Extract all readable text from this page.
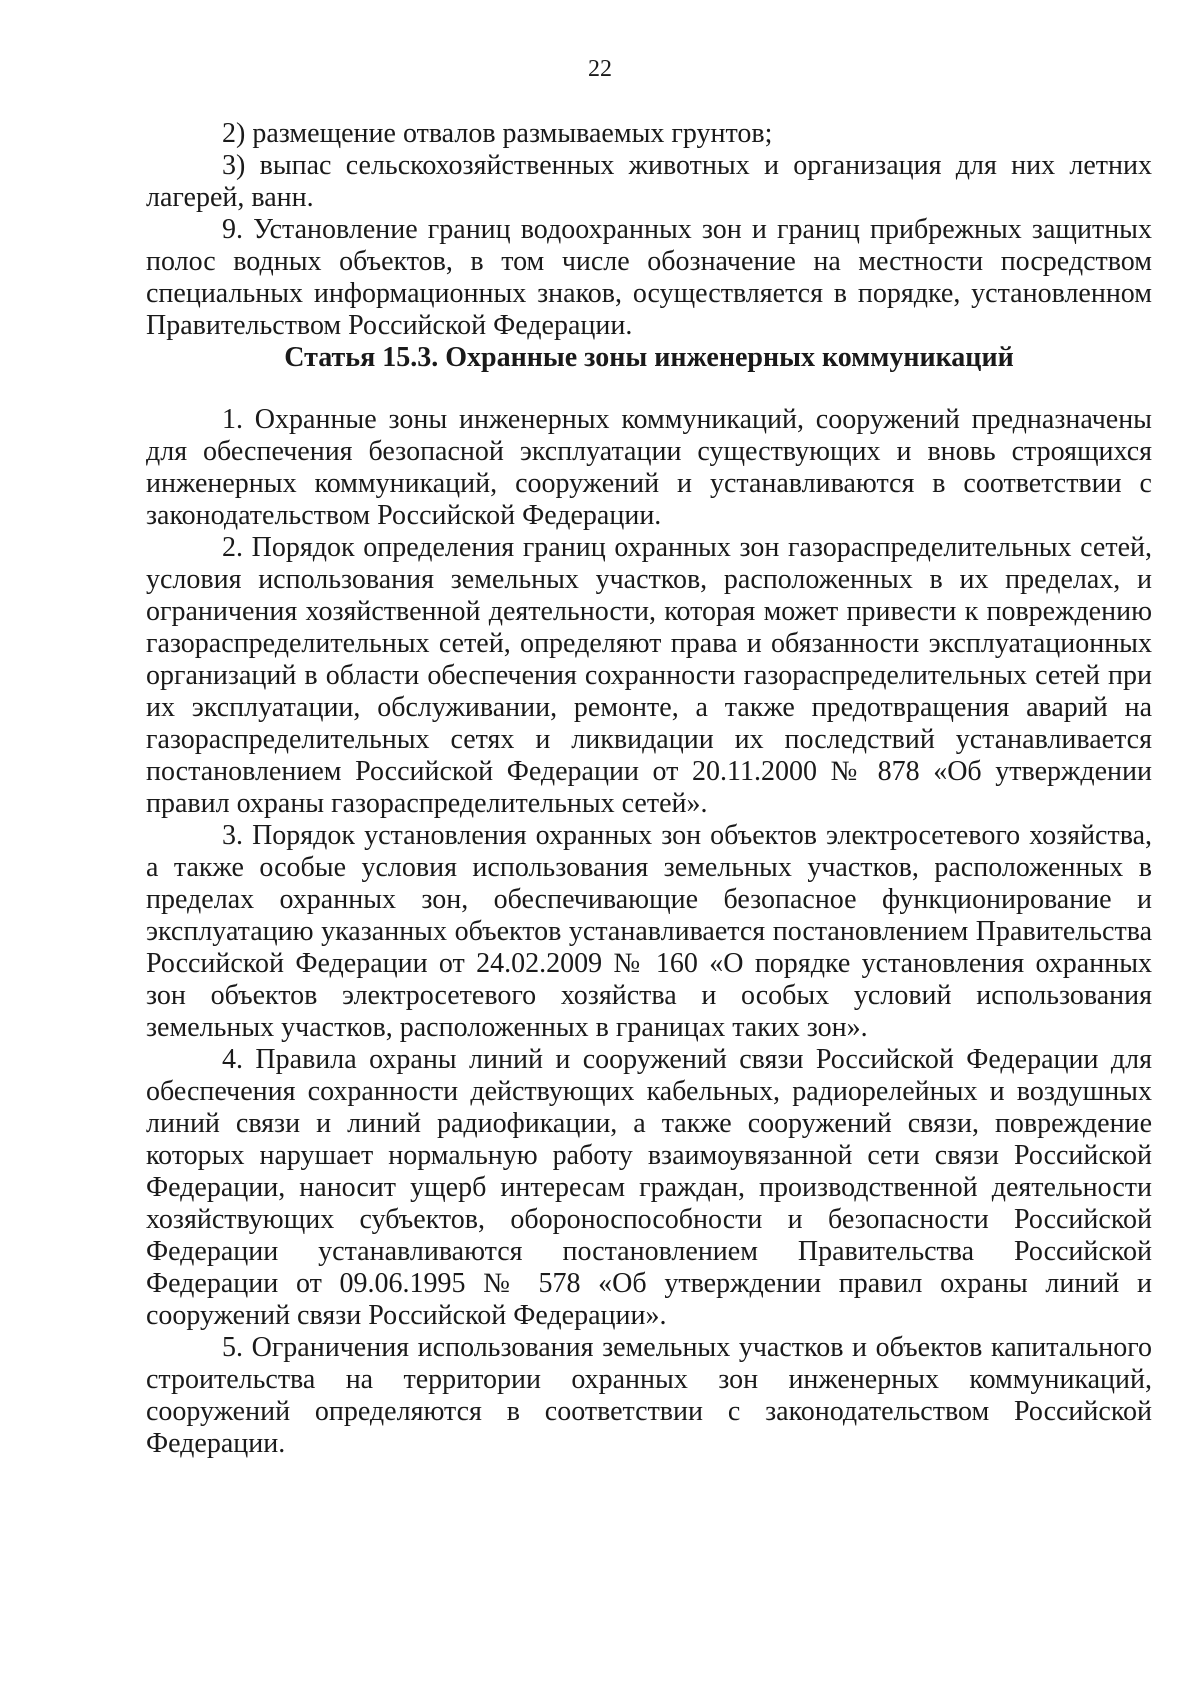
22

2) размещение отвалов размываемых грунтов;

3) выпас сельскохозяйственных животных и организация для них летних лагерей, ванн.

9. Установление границ водоохранных зон и границ прибрежных защитных полос водных объектов, в том числе обозначение на местности посредством специальных информационных знаков, осуществляется в порядке, установленном Правительством Российской Федерации.

Статья 15.3. Охранные зоны инженерных коммуникаций

1. Охранные зоны инженерных коммуникаций, сооружений предназначены для обеспечения безопасной эксплуатации существующих и вновь строящихся инженерных коммуникаций, сооружений и устанавливаются в соответствии с законодательством Российской Федерации.

2. Порядок определения границ охранных зон газораспределительных сетей, условия использования земельных участков, расположенных в их пределах, и ограничения хозяйственной деятельности, которая может привести к повреждению газораспределительных сетей, определяют права и обязанности эксплуатационных организаций в области обеспечения сохранности газораспределительных сетей при их эксплуатации, обслуживании, ремонте, а также предотвращения аварий на газораспределительных сетях и ликвидации их последствий устанавливается постановлением Российской Федерации от 20.11.2000 № 878 «Об утверждении правил охраны газораспределительных сетей».

3. Порядок установления охранных зон объектов электросетевого хозяйства, а также особые условия использования земельных участков, расположенных в пределах охранных зон, обеспечивающие безопасное функционирование и эксплуатацию указанных объектов устанавливается постановлением Правительства Российской Федерации от 24.02.2009 № 160 «О порядке установления охранных зон объектов электросетевого хозяйства и особых условий использования земельных участков, расположенных в границах таких зон».

4. Правила охраны линий и сооружений связи Российской Федерации для обеспечения сохранности действующих кабельных, радиорелейных и воздушных линий связи и линий радиофикации, а также сооружений связи, повреждение которых нарушает нормальную работу взаимоувязанной сети связи Российской Федерации, наносит ущерб интересам граждан, производственной деятельности хозяйствующих субъектов, обороноспособности и безопасности Российской Федерации устанавливаются постановлением Правительства Российской Федерации от 09.06.1995 № 578 «Об утверждении правил охраны линий и сооружений связи Российской Федерации».

5. Ограничения использования земельных участков и объектов капитального строительства на территории охранных зон инженерных коммуникаций, сооружений определяются в соответствии с законодательством Российской Федерации.
